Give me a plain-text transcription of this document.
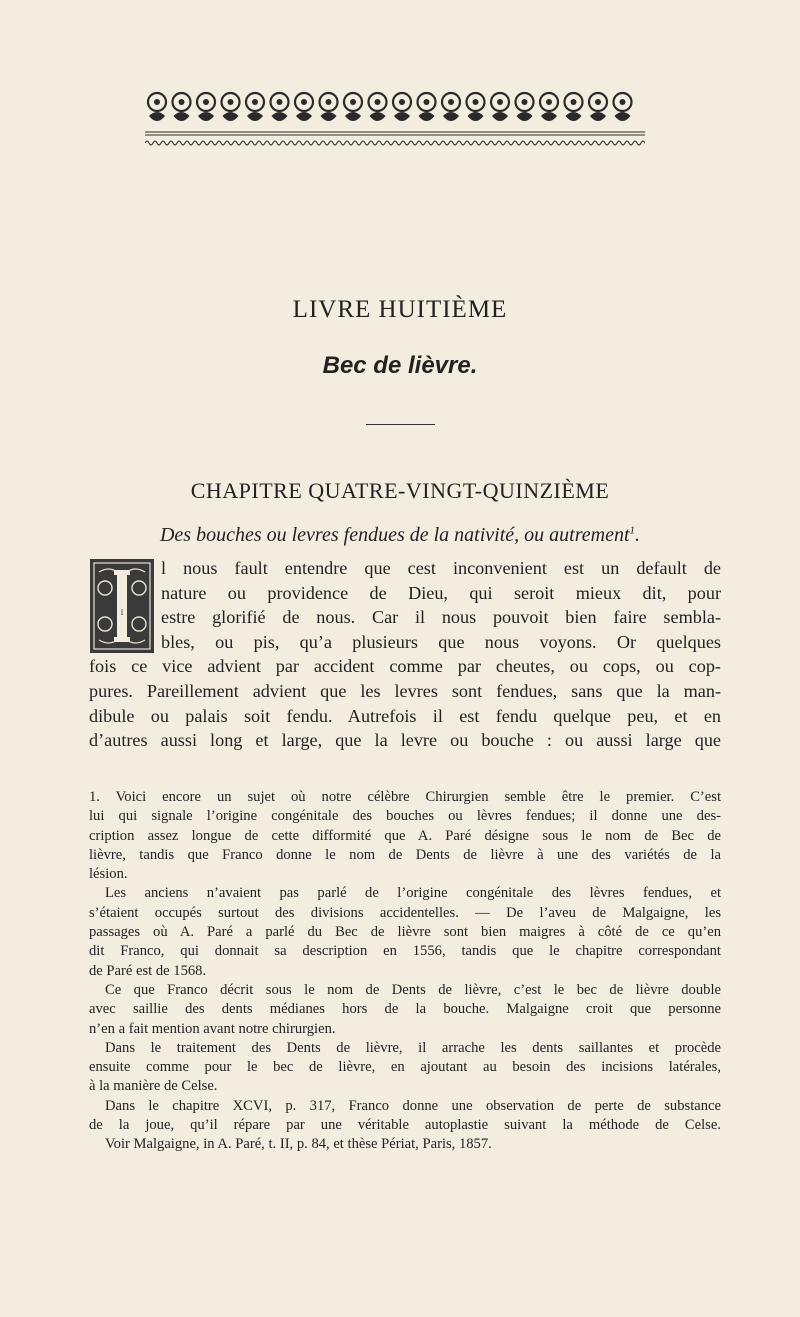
LIVRE HUITIÈME
Bec de lièvre.
CHAPITRE QUATRE-VINGT-QUINZIÈME
Des bouches ou levres fendues de la nativité, ou autrement$^1$.
I
l nous fault entendre que cest inconvenient est un default de
nature ou providence de Dieu, qui seroit mieux dit, pour
estre glorifié de nous. Car il nous pouvoit bien faire sembla-
bles, ou pis, qu’a plusieurs que nous voyons. Or quelques
fois ce vice advient par accident comme par cheutes, ou cops, ou cop-
pures. Pareillement advient que les levres sont fendues, sans que la man-
dibule ou palais soit fendu. Autrefois il est fendu quelque peu, et en
d’autres aussi long et large, que la levre ou bouche : ou aussi large que
1. Voici encore un sujet où notre célèbre Chirurgien semble être le premier. C’est
lui qui signale l’origine congénitale des bouches ou lèvres fendues; il donne une des-
cription assez longue de cette difformité que A. Paré désigne sous le nom de Bec de
lièvre, tandis que Franco donne le nom de Dents de lièvre à une des variétés de la
lésion.
Les anciens n’avaient pas parlé de l’origine congénitale des lèvres fendues, et
s’étaient occupés surtout des divisions accidentelles. — De l’aveu de Malgaigne, les
passages où A. Paré a parlé du Bec de lièvre sont bien maigres à côté de ce qu’en
dit Franco, qui donnait sa description en 1556, tandis que le chapitre correspondant
de Paré est de 1568.
Ce que Franco décrit sous le nom de Dents de lièvre, c’est le bec de lièvre double
avec saillie des dents médianes hors de la bouche. Malgaigne croit que personne
n’en a fait mention avant notre chirurgien.
Dans le traitement des Dents de lièvre, il arrache les dents saillantes et procède
ensuite comme pour le bec de lièvre, en ajoutant au besoin des incisions latérales,
à la manière de Celse.
Dans le chapitre XCVI, p. 317, Franco donne une observation de perte de substance
de la joue, qu’il répare par une véritable autoplastie suivant la méthode de Celse.
Voir Malgaigne, in A. Paré, t. II, p. 84, et thèse Périat, Paris, 1857.
